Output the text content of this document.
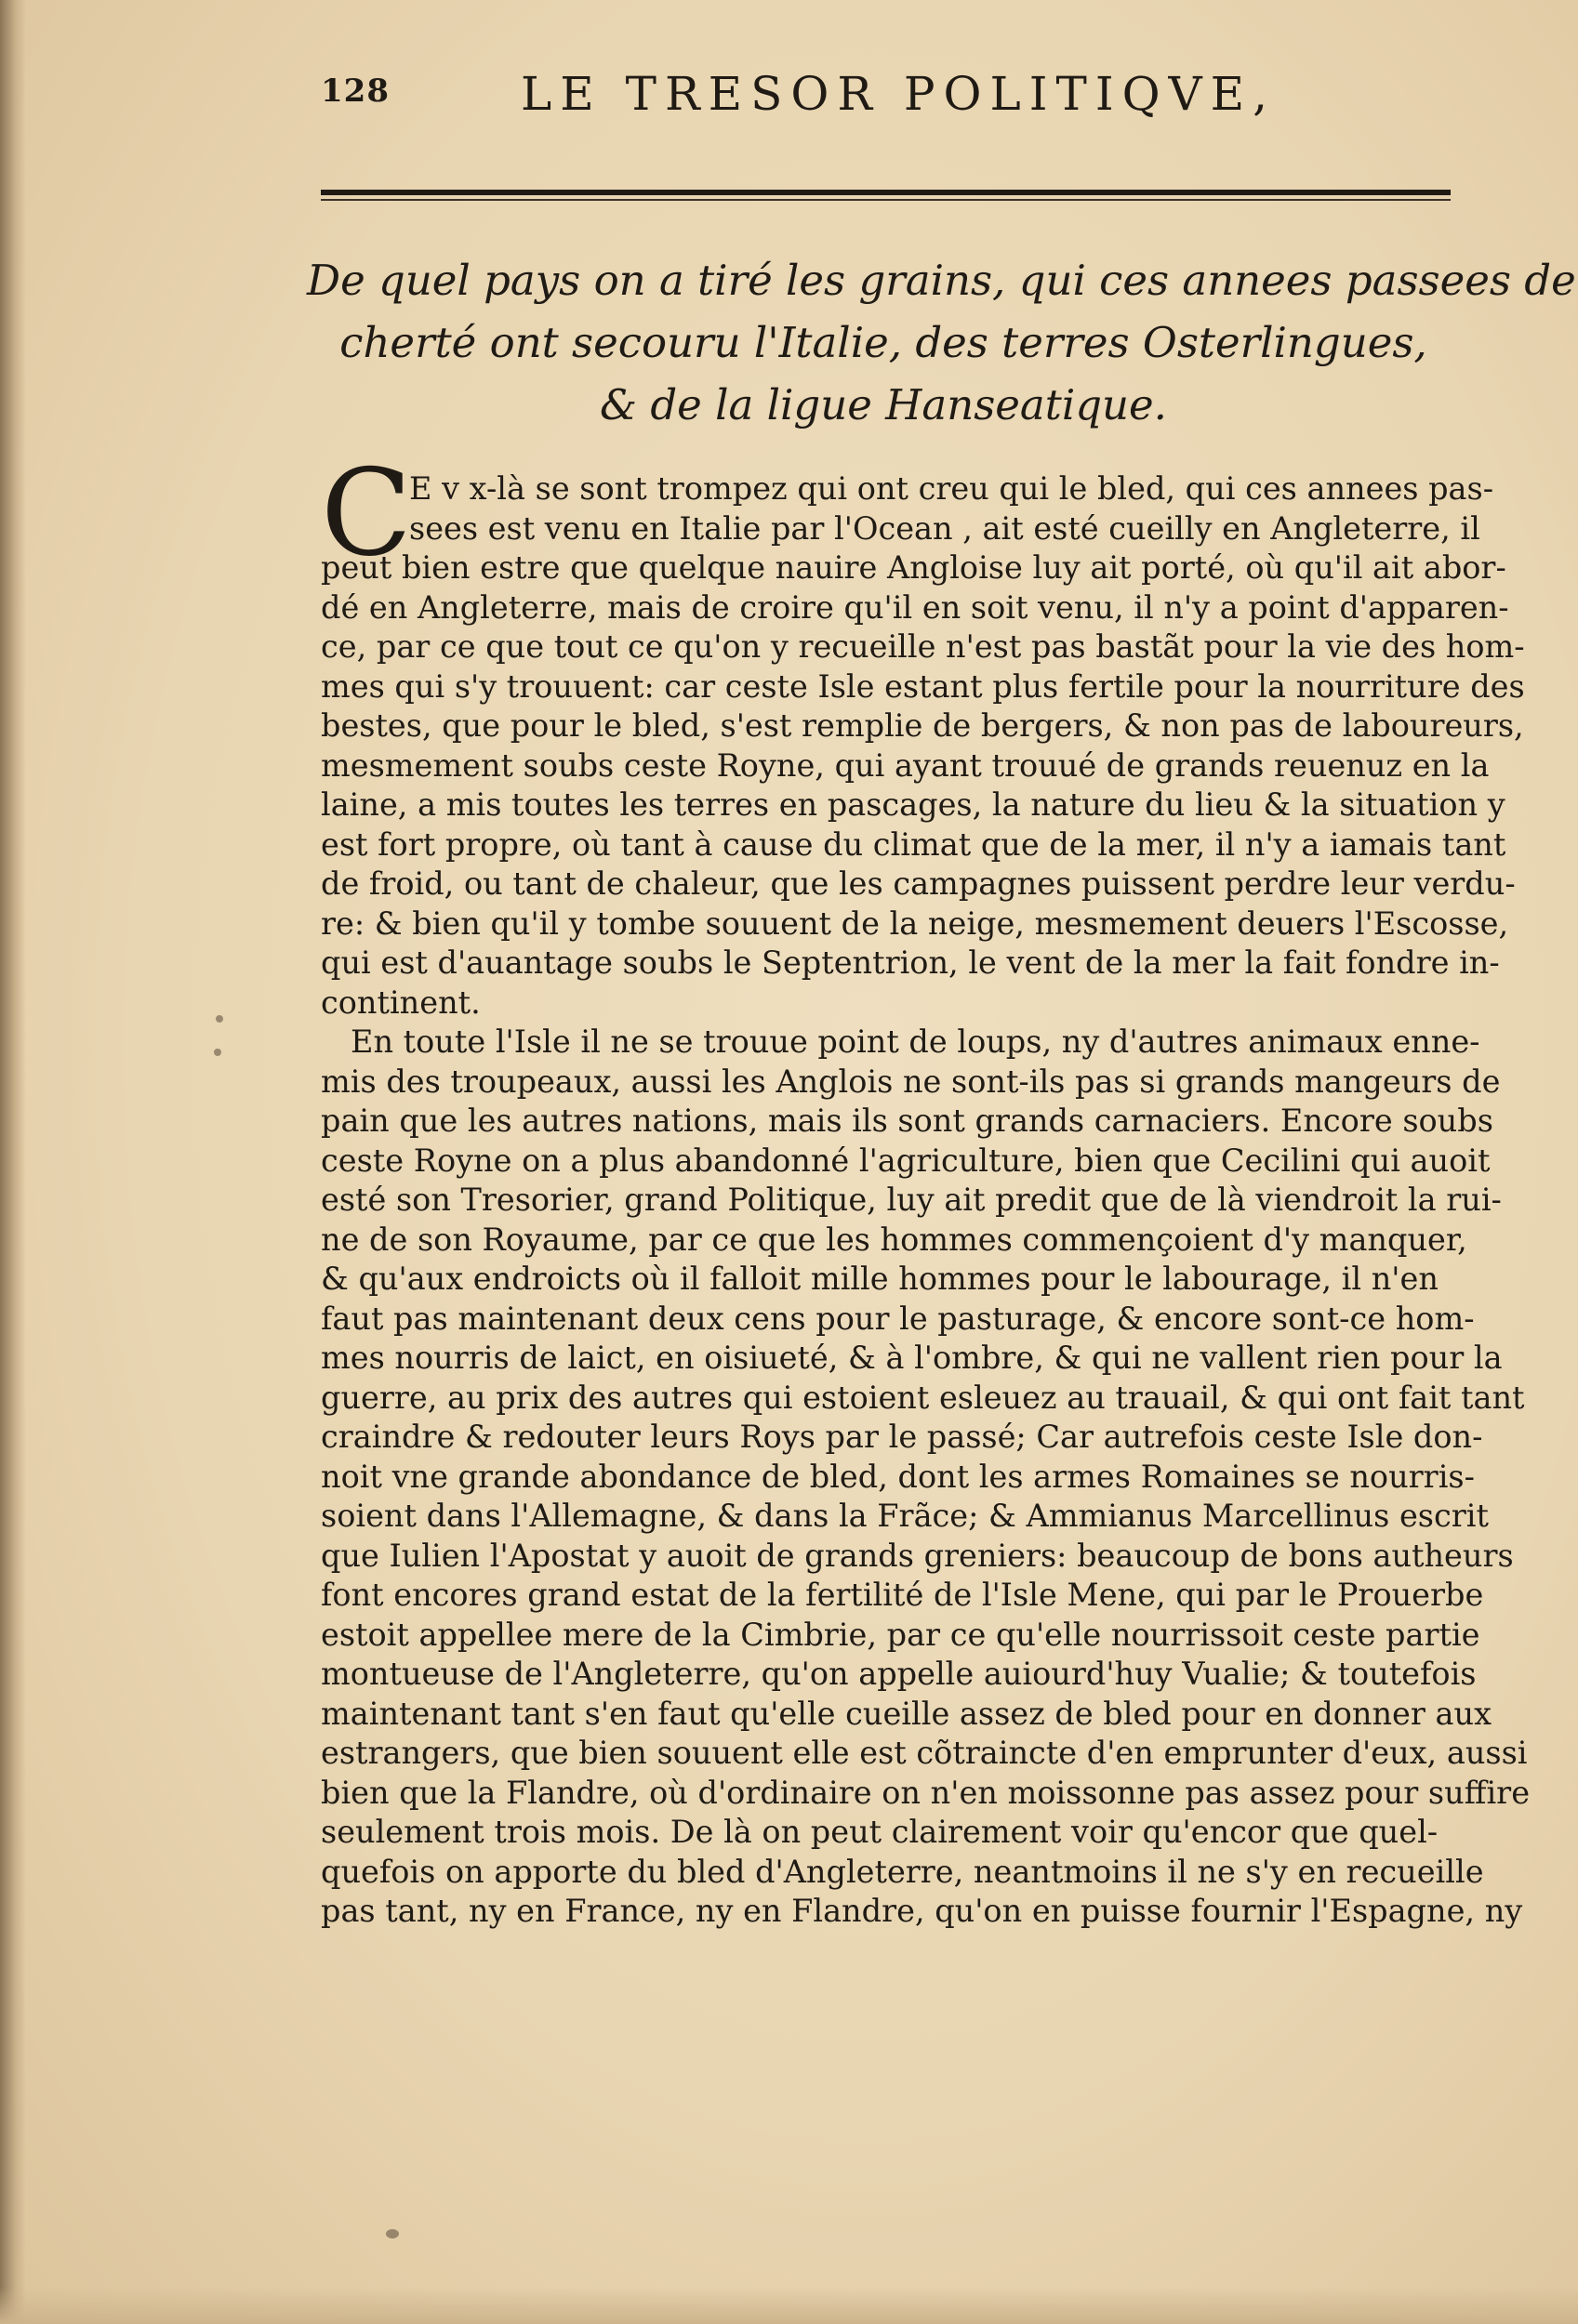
128	LE TRESOR POLITIQVE,
De quel pays on a tiré les grains, qui ces annees passees de
cherté ont secouru l'Italie, des terres Osterlingues,
& de la ligue Hanseatique.
C
E v x-là se sont trompez qui ont creu qui le bled, qui ces annees pas-
sees est venu en Italie par l'Ocean , ait esté cueilly en Angleterre, il
peut bien estre que quelque nauire Angloise luy ait porté, où qu'il ait abor-
dé en Angleterre, mais de croire qu'il en soit venu, il n'y a point d'apparen-
ce, par ce que tout ce qu'on y recueille n'est pas bastãt pour la vie des hom-
mes qui s'y trouuent: car ceste Isle estant plus fertile pour la nourriture des
bestes, que pour le bled, s'est remplie de bergers, & non pas de laboureurs,
mesmement soubs ceste Royne, qui ayant trouué de grands reuenuz en la
laine, a mis toutes les terres en pascages, la nature du lieu & la situation y
est fort propre, où tant à cause du climat que de la mer, il n'y a iamais tant
de froid, ou tant de chaleur, que les campagnes puissent perdre leur verdu-
re: & bien qu'il y tombe souuent de la neige, mesmement deuers l'Escosse,
qui est d'auantage soubs le Septentrion, le vent de la mer la fait fondre in-
continent.
En toute l'Isle il ne se trouue point de loups, ny d'autres animaux enne-
mis des troupeaux, aussi les Anglois ne sont-ils pas si grands mangeurs de
pain que les autres nations, mais ils sont grands carnaciers. Encore soubs
ceste Royne on a plus abandonné l'agriculture, bien que Cecilini qui auoit
esté son Tresorier, grand Politique, luy ait predit que de là viendroit la rui-
ne de son Royaume, par ce que les hommes commençoient d'y manquer,
& qu'aux endroicts où il falloit mille hommes pour le labourage, il n'en
faut pas maintenant deux cens pour le pasturage, & encore sont-ce hom-
mes nourris de laict, en oisiueté, & à l'ombre, & qui ne vallent rien pour la
guerre, au prix des autres qui estoient esleuez au trauail, & qui ont fait tant
craindre & redouter leurs Roys par le passé; Car autrefois ceste Isle don-
noit vne grande abondance de bled, dont les armes Romaines se nourris-
soient dans l'Allemagne, & dans la Frãce; & Ammianus Marcellinus escrit
que Iulien l'Apostat y auoit de grands greniers: beaucoup de bons autheurs
font encores grand estat de la fertilité de l'Isle Mene, qui par le Prouerbe
estoit appellee mere de la Cimbrie, par ce qu'elle nourrissoit ceste partie
montueuse de l'Angleterre, qu'on appelle auiourd'huy Vualie; & toutefois
maintenant tant s'en faut qu'elle cueille assez de bled pour en donner aux
estrangers, que bien souuent elle est cõtraincte d'en emprunter d'eux, aussi
bien que la Flandre, où d'ordinaire on n'en moissonne pas assez pour suffire
seulement trois mois. De là on peut clairement voir qu'encor que quel-
quefois on apporte du bled d'Angleterre, neantmoins il ne s'y en recueille
pas tant, ny en France, ny en Flandre, qu'on en puisse fournir l'Espagne, ny
